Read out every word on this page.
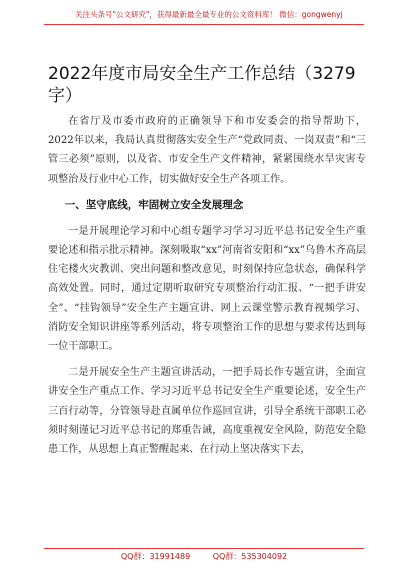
关注头条号"公文研究"，获得最新最全最专业的公文资料库！ 微信：gongwenyj
2022年度市局安全生产工作总结（3279字）

在省厅及市委市政府的正确领导下和市安委会的指导帮助下，2022年以来，我局认真贯彻落实安全生产“党政同责、一岗双责”和“三管三必须”原则，以及省、市安全生产文件精神，紧紧围绕水旱灾害专项整治及行业中心工作，切实做好安全生产各项工作。

一、坚守底线，牢固树立安全发展理念

一是开展理论学习和中心组专题学习学习习近平总书记安全生产重要论述和指示批示精神。深刻吸取“xx”河南省安阳和“xx”乌鲁木齐高层住宅楼火灾教训、突出问题和整改意见，时刻保持应急状态，确保科学高效处置。同时，通过定期听取研究专项整治行动汇报、“一把手讲安全”、“挂钩领导”安全生产主题宣讲、网上云课堂警示教育视频学习、消防安全知识讲座等系列活动，将专项整治工作的思想与要求传达到每一位干部职工。

二是开展安全生产主题宣讲活动，一把手局长作专题宣讲，全面宣讲安全生产重点工作、学习习近平总书记安全生产重要论述，安全生产三百行动等，分管领导赴直属单位作巡回宣讲，引导全系统干部职工必须时刻谨记习近平总书记的郑重告诫，高度重视安全风险，防范安全隐患工作，从思想上真正警醒起来、在行动上坚决落实下去，

QQ群：31991489	QQ群：535304092
